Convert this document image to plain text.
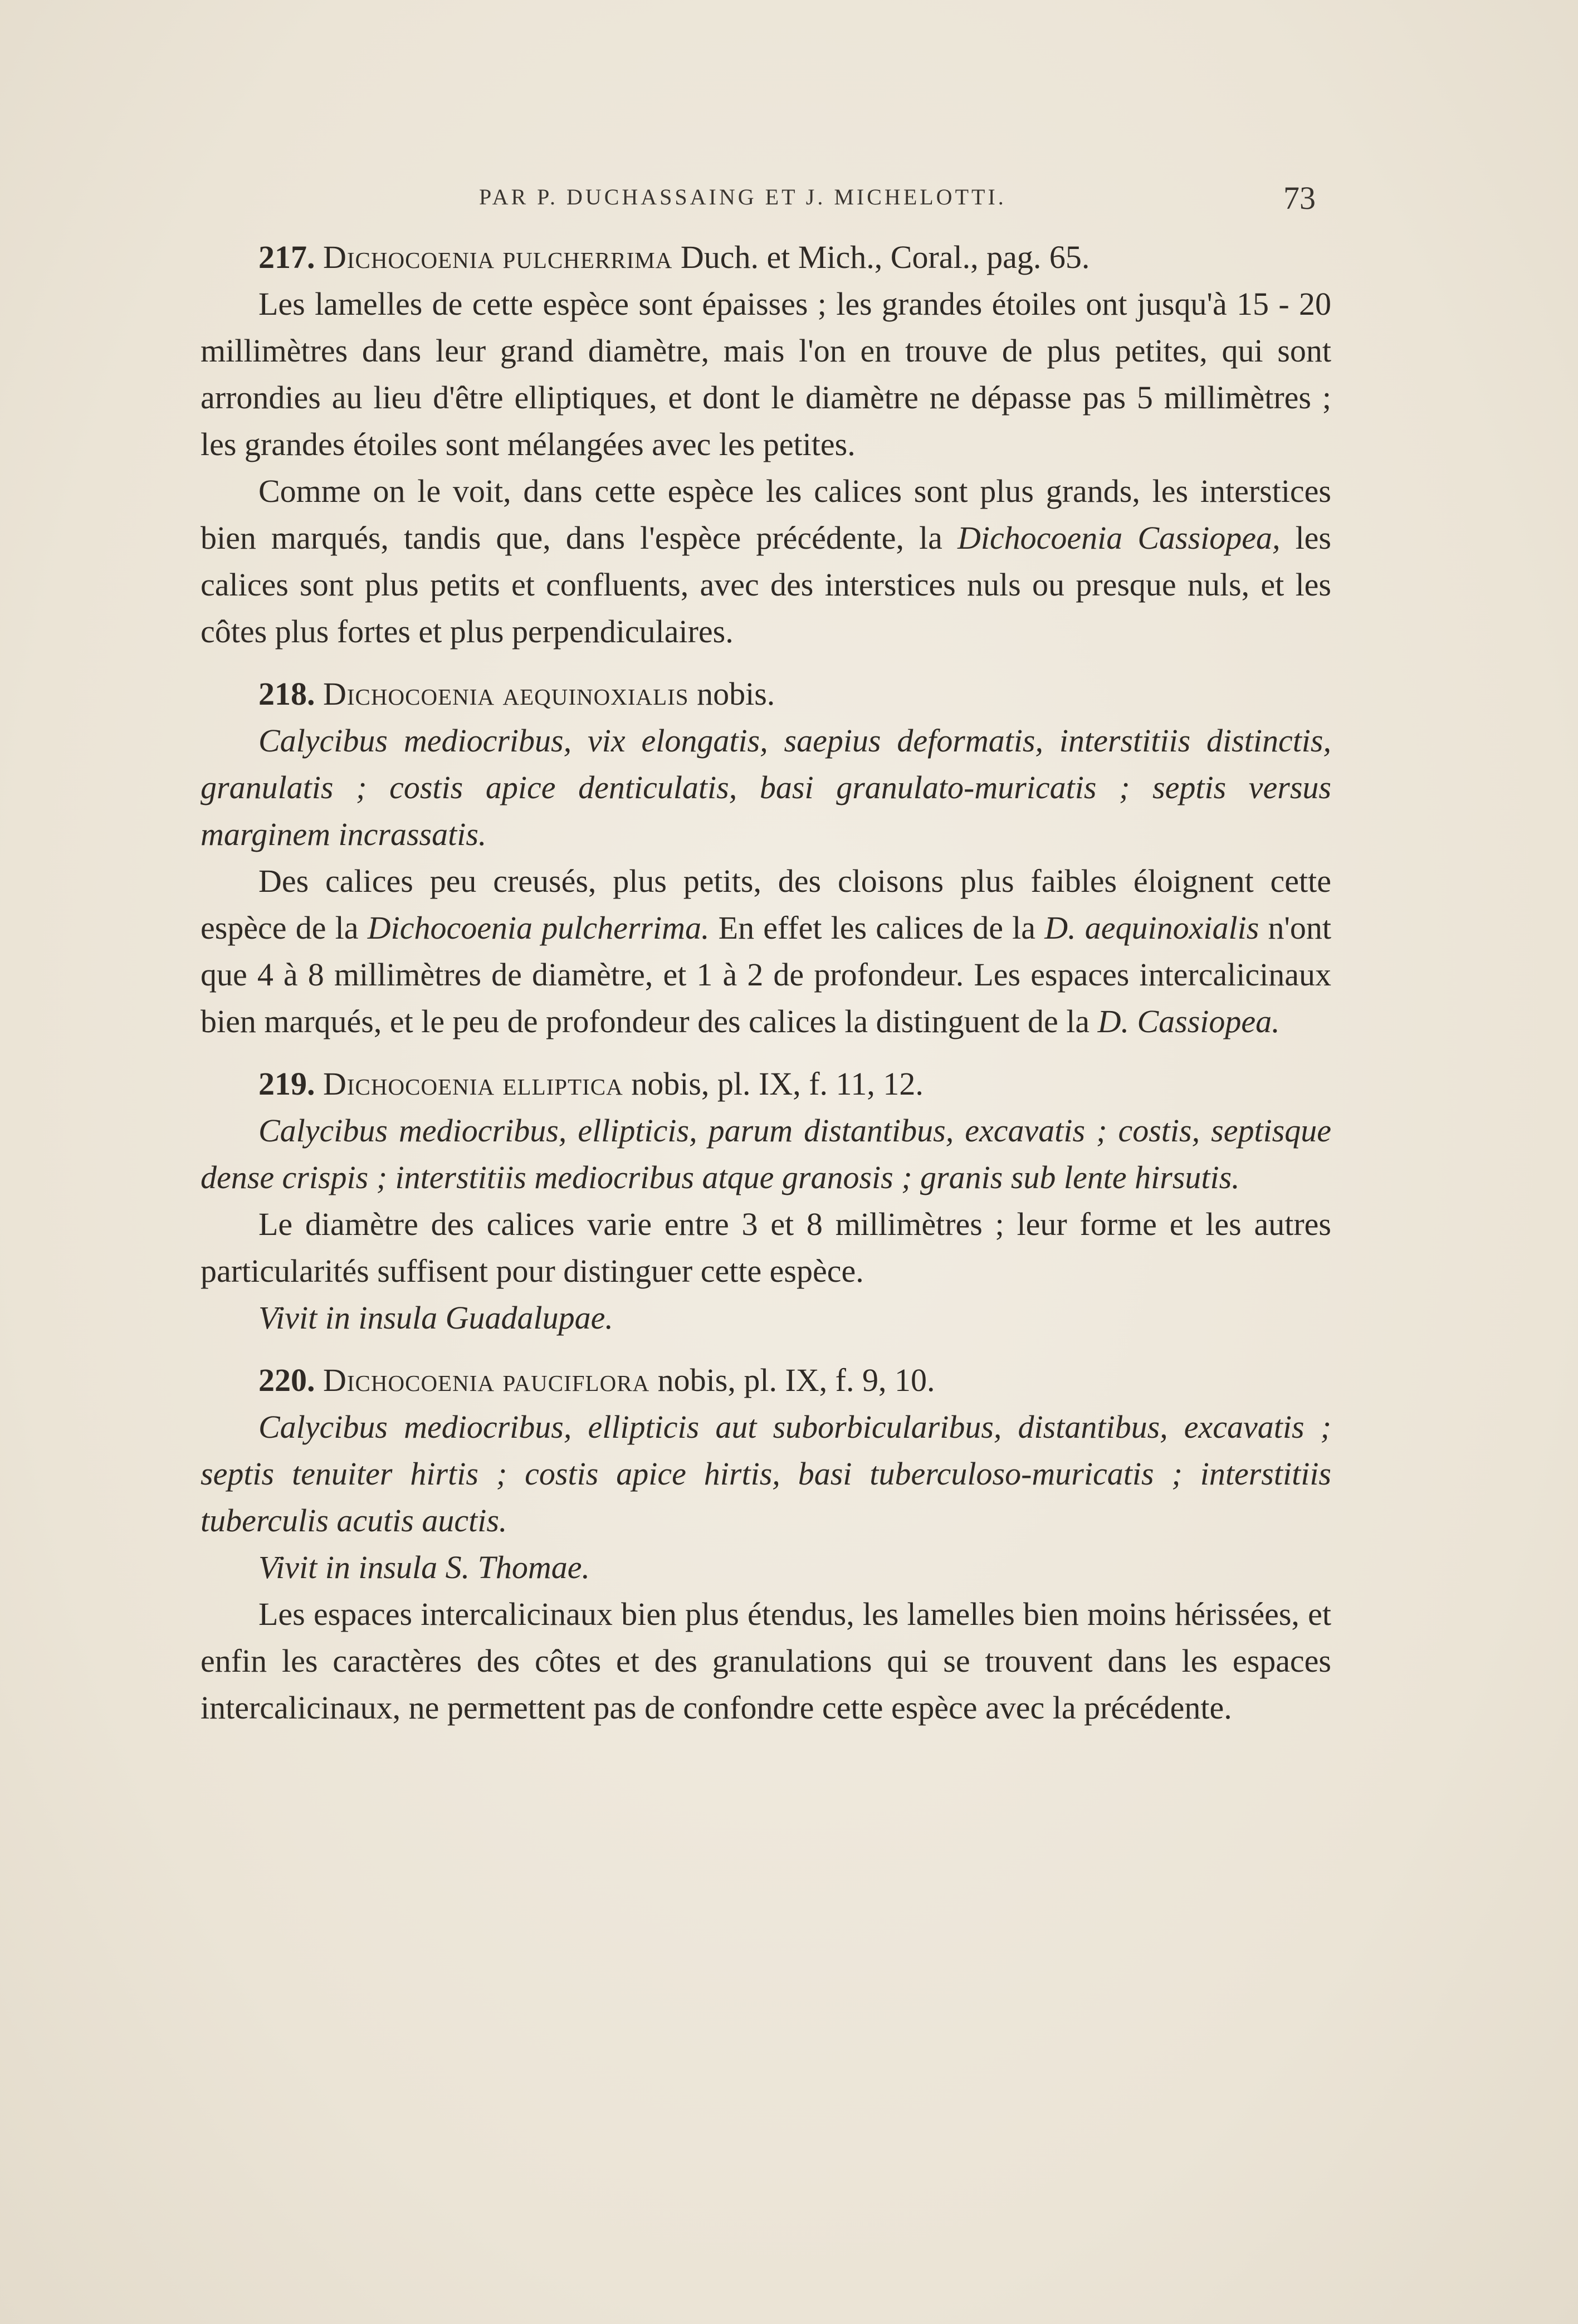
PAR P. DUCHASSAING ET J. MICHELOTTI.	73

217. Dichocoenia pulcherrima Duch. et Mich., Coral., pag. 65.

Les lamelles de cette espèce sont épaisses ; les grandes étoiles ont jusqu'à 15 - 20 millimètres dans leur grand diamètre, mais l'on en trouve de plus petites, qui sont arrondies au lieu d'être elliptiques, et dont le diamètre ne dépasse pas 5 millimètres ; les grandes étoiles sont mélangées avec les petites.

Comme on le voit, dans cette espèce les calices sont plus grands, les interstices bien marqués, tandis que, dans l'espèce précédente, la Dichocoenia Cassiopea, les calices sont plus petits et confluents, avec des interstices nuls ou presque nuls, et les côtes plus fortes et plus perpendiculaires.

218. Dichocoenia aequinoxialis nobis.

Calycibus mediocribus, vix elongatis, saepius deformatis, interstitiis distinctis, granulatis ; costis apice denticulatis, basi granulato-muricatis ; septis versus marginem incrassatis.

Des calices peu creusés, plus petits, des cloisons plus faibles éloignent cette espèce de la Dichocoenia pulcherrima. En effet les calices de la D. aequinoxialis n'ont que 4 à 8 millimètres de diamètre, et 1 à 2 de profondeur. Les espaces intercalicinaux bien marqués, et le peu de profondeur des calices la distinguent de la D. Cassiopea.

219. Dichocoenia elliptica nobis, pl. IX, f. 11, 12.

Calycibus mediocribus, ellipticis, parum distantibus, excavatis ; costis, septisque dense crispis ; interstitiis mediocribus atque granosis ; granis sub lente hirsutis.

Le diamètre des calices varie entre 3 et 8 millimètres ; leur forme et les autres particularités suffisent pour distinguer cette espèce.

Vivit in insula Guadalupae.

220. Dichocoenia pauciflora nobis, pl. IX, f. 9, 10.

Calycibus mediocribus, ellipticis aut suborbicularibus, distantibus, excavatis ; septis tenuiter hirtis ; costis apice hirtis, basi tuberculoso-muricatis ; interstitiis tuberculis acutis auctis.

Vivit in insula S. Thomae.

Les espaces intercalicinaux bien plus étendus, les lamelles bien moins hérissées, et enfin les caractères des côtes et des granulations qui se trouvent dans les espaces intercalicinaux, ne permettent pas de confondre cette espèce avec la précédente.
